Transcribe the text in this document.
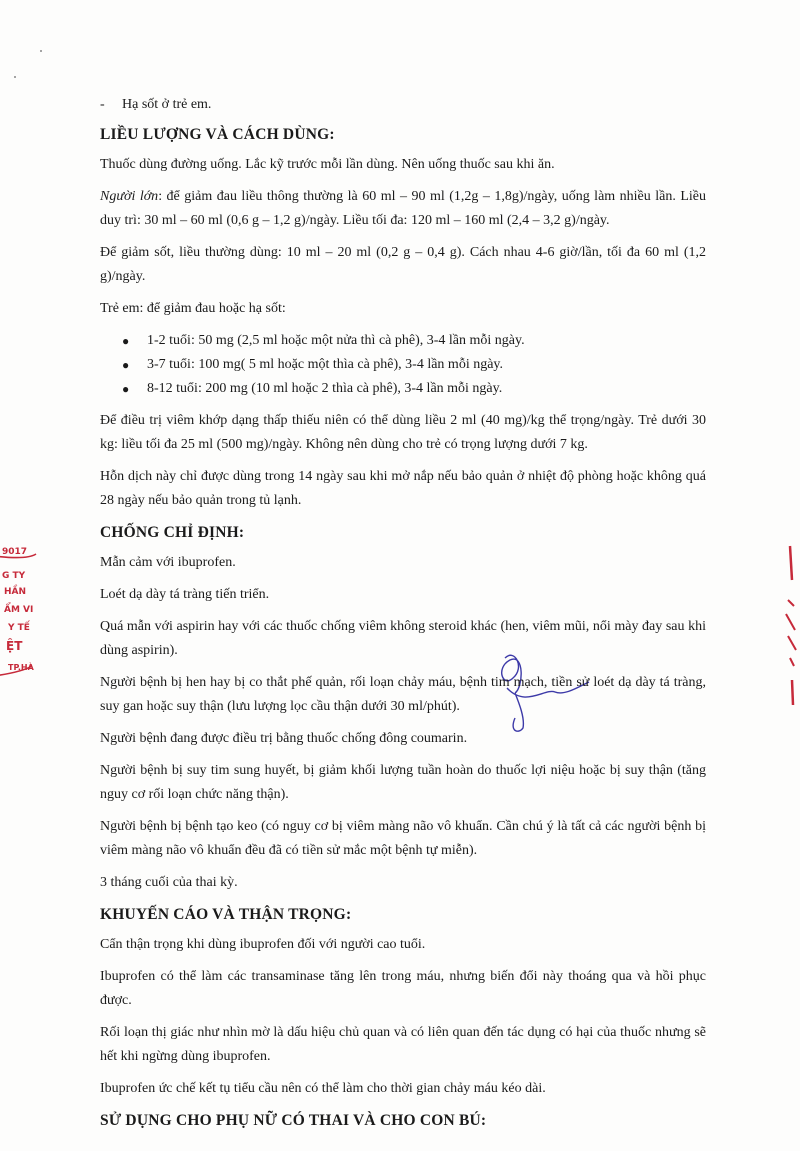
9017
G TY
HẦN
ẨM VI
Y TẾ
ỆT
TP.HÀ
-	Hạ sốt ở trẻ em.

LIỀU LƯỢNG VÀ CÁCH DÙNG:

Thuốc dùng đường uống. Lắc kỹ trước mỗi lần dùng. Nên uống thuốc sau khi ăn.

Người lớn: để giảm đau liều thông thường là 60 ml – 90 ml (1,2g – 1,8g)/ngày, uống làm nhiều lần. Liều duy trì: 30 ml – 60 ml (0,6 g – 1,2 g)/ngày. Liều tối đa: 120 ml – 160 ml (2,4 – 3,2 g)/ngày.

Để giảm sốt, liều thường dùng: 10 ml – 20 ml (0,2 g – 0,4 g). Cách nhau 4-6 giờ/lần, tối đa 60 ml (1,2 g)/ngày.

Trẻ em: để giảm đau hoặc hạ sốt:

●	1-2 tuổi: 50 mg (2,5 ml hoặc một nửa thì cà phê), 3-4 lần mỗi ngày.
●	3-7 tuổi: 100 mg( 5 ml hoặc một thìa cà phê), 3-4 lần mỗi ngày.
●	8-12 tuổi: 200 mg (10 ml hoặc 2 thìa cà phê), 3-4 lần mỗi ngày.

Để điều trị viêm khớp dạng thấp thiếu niên có thể dùng liều 2 ml (40 mg)/kg thể trọng/ngày. Trẻ dưới 30 kg: liều tối đa 25 ml (500 mg)/ngày. Không nên dùng cho trẻ có trọng lượng dưới 7 kg.

Hỗn dịch này chỉ được dùng trong 14 ngày sau khi mở nắp nếu bảo quản ở nhiệt độ phòng hoặc không quá 28 ngày nếu bảo quản trong tủ lạnh.

CHỐNG CHỈ ĐỊNH:

Mẫn cảm với ibuprofen.

Loét dạ dày tá tràng tiến triển.

Quá mẫn với aspirin hay với các thuốc chống viêm không steroid khác (hen, viêm mũi, nổi mày đay sau khi dùng aspirin).

Người bệnh bị hen hay bị co thắt phế quản, rối loạn chảy máu, bệnh tim mạch, tiền sử loét dạ dày tá tràng, suy gan hoặc suy thận (lưu lượng lọc cầu thận dưới 30 ml/phút).

Người bệnh đang được điều trị bằng thuốc chống đông coumarin.

Người bệnh bị suy tim sung huyết, bị giảm khối lượng tuần hoàn do thuốc lợi niệu hoặc bị suy thận (tăng nguy cơ rối loạn chức năng thận).

Người bệnh bị bệnh tạo keo (có nguy cơ bị viêm màng não vô khuẩn. Cần chú ý là tất cả các người bệnh bị viêm màng não vô khuẩn đều đã có tiền sử mắc một bệnh tự miễn).

3 tháng cuối của thai kỳ.

KHUYẾN CÁO VÀ THẬN TRỌNG:

Cẩn thận trọng khi dùng ibuprofen đối với người cao tuổi.

Ibuprofen có thể làm các transaminase tăng lên trong máu, nhưng biến đổi này thoáng qua và hồi phục được.

Rối loạn thị giác như nhìn mờ là dấu hiệu chủ quan và có liên quan đến tác dụng có hại của thuốc nhưng sẽ hết khi ngừng dùng ibuprofen.

Ibuprofen ức chế kết tụ tiểu cầu nên có thể làm cho thời gian chảy máu kéo dài.

SỬ DỤNG CHO PHỤ NỮ CÓ THAI VÀ CHO CON BÚ:
